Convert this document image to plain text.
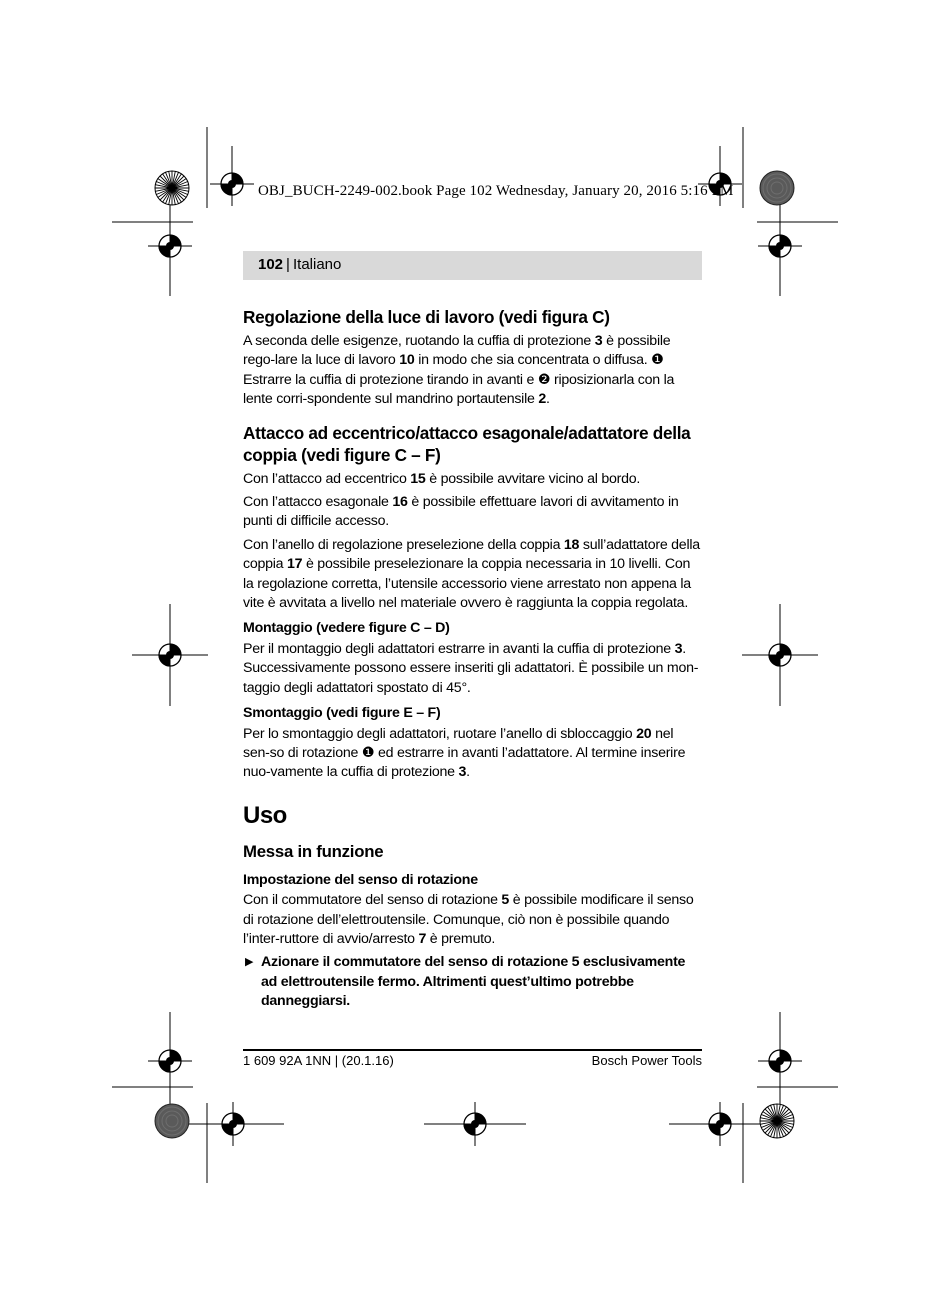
OBJ_BUCH-2249-002.book Page 102 Wednesday, January 20, 2016 5:16 PM
102 | Italiano
Regolazione della luce di lavoro (vedi figura C)

A seconda delle esigenze, ruotando la cuffia di protezione 3 è possibile rego-lare la luce di lavoro 10 in modo che sia concentrata o diffusa. ❶ Estrarre la cuffia di protezione tirando in avanti e ❷ riposizionarla con la lente corri-spondente sul mandrino portautensile 2.

Attacco ad eccentrico/attacco esagonale/adattatore della coppia (vedi figure C – F)

Con l’attacco ad eccentrico 15 è possibile avvitare vicino al bordo.

Con l’attacco esagonale 16 è possibile effettuare lavori di avvitamento in punti di difficile accesso.

Con l’anello di regolazione preselezione della coppia 18 sull’adattatore della coppia 17 è possibile preselezionare la coppia necessaria in 10 livelli. Con la regolazione corretta, l’utensile accessorio viene arrestato non appena la vite è avvitata a livello nel materiale ovvero è raggiunta la coppia regolata.

Montaggio (vedere figure C – D)

Per il montaggio degli adattatori estrarre in avanti la cuffia di protezione 3. Successivamente possono essere inseriti gli adattatori. È possibile un mon-taggio degli adattatori spostato di 45°.

Smontaggio (vedi figure E – F)

Per lo smontaggio degli adattatori, ruotare l’anello di sbloccaggio 20 nel sen-so di rotazione ❶ ed estrarre in avanti l’adattatore. Al termine inserire nuo-vamente la cuffia di protezione 3.

Uso
Messa in funzione
Impostazione del senso di rotazione

Con il commutatore del senso di rotazione 5 è possibile modificare il senso di rotazione dell’elettroutensile. Comunque, ciò non è possibile quando l’inter-ruttore di avvio/arresto 7 è premuto.

▶ Azionare il commutatore del senso di rotazione 5 esclusivamente ad elettroutensile fermo. Altrimenti quest’ultimo potrebbe danneggiarsi.

1 609 92A 1NN | (20.1.16)	Bosch Power Tools
